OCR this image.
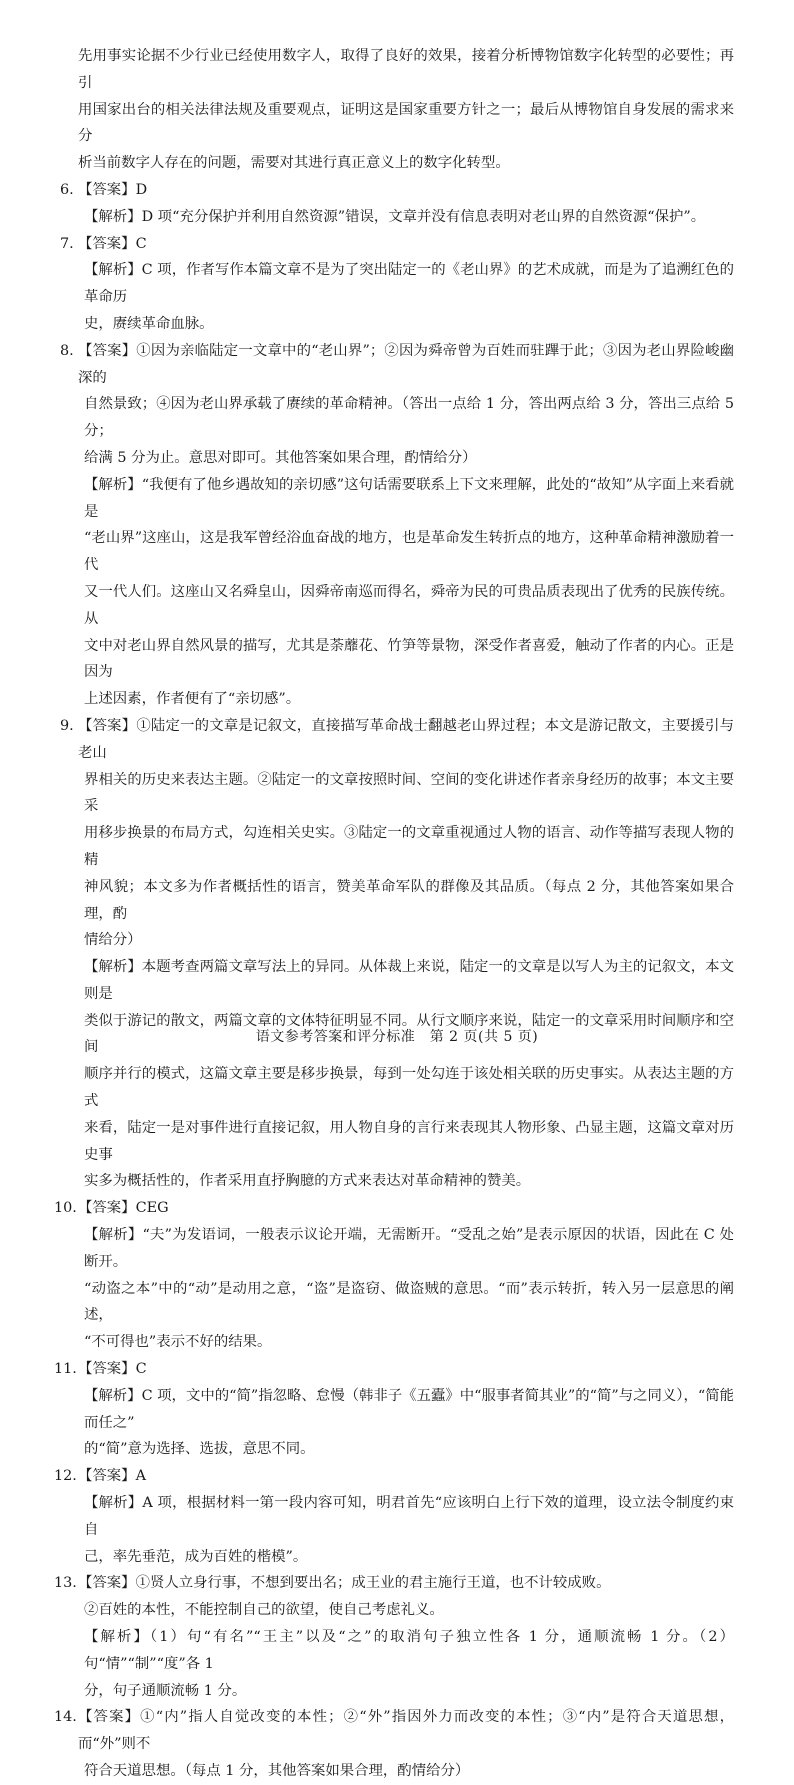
先用事实论据不少行业已经使用数字人，取得了良好的效果，接着分析博物馆数字化转型的必要性；再引

用国家出台的相关法律法规及重要观点，证明这是国家重要方针之一；最后从博物馆自身发展的需求来分

析当前数字人存在的问题，需要对其进行真正意义上的数字化转型。

6. 【答案】D

【解析】D 项“充分保护并利用自然资源”错误，文章并没有信息表明对老山界的自然资源“保护”。

7. 【答案】C

【解析】C 项，作者写作本篇文章不是为了突出陆定一的《老山界》的艺术成就，而是为了追溯红色的革命历

史，赓续革命血脉。

8. 【答案】①因为亲临陆定一文章中的“老山界”；②因为舜帝曾为百姓而驻蹕于此；③因为老山界险峻幽深的

自然景致；④因为老山界承载了赓续的革命精神。（答出一点给 1 分，答出两点给 3 分，答出三点给 5 分；

给满 5 分为止。意思对即可。其他答案如果合理，酌情给分）

【解析】“我便有了他乡遇故知的亲切感”这句话需要联系上下文来理解，此处的“故知”从字面上来看就是

“老山界”这座山，这是我军曾经浴血奋战的地方，也是革命发生转折点的地方，这种革命精神激励着一代

又一代人们。这座山又名舜皇山，因舜帝南巡而得名，舜帝为民的可贵品质表现出了优秀的民族传统。从

文中对老山界自然风景的描写，尤其是荼蘼花、竹笋等景物，深受作者喜爱，触动了作者的内心。正是因为

上述因素，作者便有了“亲切感”。

9. 【答案】①陆定一的文章是记叙文，直接描写革命战士翻越老山界过程；本文是游记散文，主要援引与老山

界相关的历史来表达主题。②陆定一的文章按照时间、空间的变化讲述作者亲身经历的故事；本文主要采

用移步换景的布局方式，勾连相关史实。③陆定一的文章重视通过人物的语言、动作等描写表现人物的精

神风貌；本文多为作者概括性的语言，赞美革命军队的群像及其品质。（每点 2 分，其他答案如果合理，酌

情给分）

【解析】本题考查两篇文章写法上的异同。从体裁上来说，陆定一的文章是以写人为主的记叙文，本文则是

类似于游记的散文，两篇文章的文体特征明显不同。从行文顺序来说，陆定一的文章采用时间顺序和空间

顺序并行的模式，这篇文章主要是移步换景，每到一处勾连于该处相关联的历史事实。从表达主题的方式

来看，陆定一是对事件进行直接记叙，用人物自身的言行来表现其人物形象、凸显主题，这篇文章对历史事

实多为概括性的，作者采用直抒胸臆的方式来表达对革命精神的赞美。

10. 【答案】CEG

【解析】“夫”为发语词，一般表示议论开端，无需断开。“受乱之始”是表示原因的状语，因此在 C 处断开。

“动盗之本”中的“动”是动用之意，“盗”是盗窃、做盗贼的意思。“而”表示转折，转入另一层意思的阐述，

“不可得也”表示不好的结果。

11. 【答案】C

【解析】C 项，文中的“简”指忽略、怠慢（韩非子《五蠹》中“服事者简其业”的“简”与之同义），“简能而任之”

的“简”意为选择、选拔，意思不同。

12. 【答案】A

【解析】A 项，根据材料一第一段内容可知，明君首先“应该明白上行下效的道理，设立法令制度约束自

己，率先垂范，成为百姓的楷模”。

13. 【答案】①贤人立身行事，不想到要出名；成王业的君主施行王道，也不计较成败。

②百姓的本性，不能控制自己的欲望，使自己考虑礼义。

【解析】（1）句“有名”“王主”以及“之”的取消句子独立性各 1 分，通顺流畅 1 分。（2）句“情”“制”“度”各 1

分，句子通顺流畅 1 分。

14. 【答案】①“内”指人自觉改变的本性；②“外”指因外力而改变的本性；③“内”是符合天道思想，而“外”则不

符合天道思想。（每点 1 分，其他答案如果合理，酌情给分）

语文参考答案和评分标准　第 2 页(共 5 页)
